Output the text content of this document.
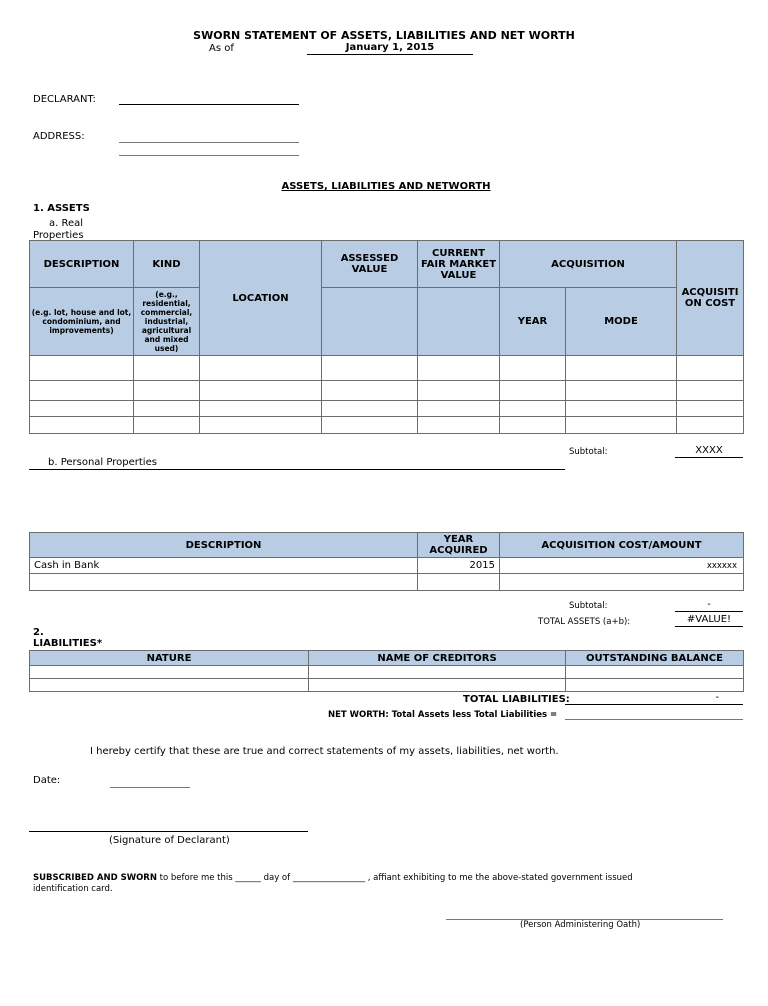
SWORN STATEMENT OF ASSETS, LIABILITIES AND NET WORTH
As of	January 1, 2015
DECLARANT:
ADDRESS:
ASSETS, LIABILITIES AND NETWORTH
1. ASSETS
a. Real
Properties
DESCRIPTION	KIND	LOCATION	ASSESSED VALUE	CURRENT FAIR MARKET VALUE	ACQUISITION		ACQUISITI ON COST
(e.g. lot, house and lot, condominium, and improvements)	(e.g., residential, commercial, industrial, agricultural and mixed used)				YEAR	MODE	

Subtotal:	XXXX
b. Personal Properties
DESCRIPTION	YEAR ACQUIRED	ACQUISITION COST/AMOUNT
Cash in Bank	2015	xxxxxx

Subtotal:	-
TOTAL ASSETS (a+b):	#VALUE!
2.
LIABILITIES*
NATURE	NAME OF CREDITORS	OUTSTANDING BALANCE

TOTAL LIABILITIES:	-
NET WORTH: Total Assets less Total Liabilities =
I hereby certify that these are true and correct statements of my assets, liabilities, net worth.
Date:
(Signature of Declarant)
SUBSCRIBED AND SWORN to before me this ______ day of _________________ , affiant exhibiting to me the above-stated government issued
identification card.
(Person Administering Oath)
